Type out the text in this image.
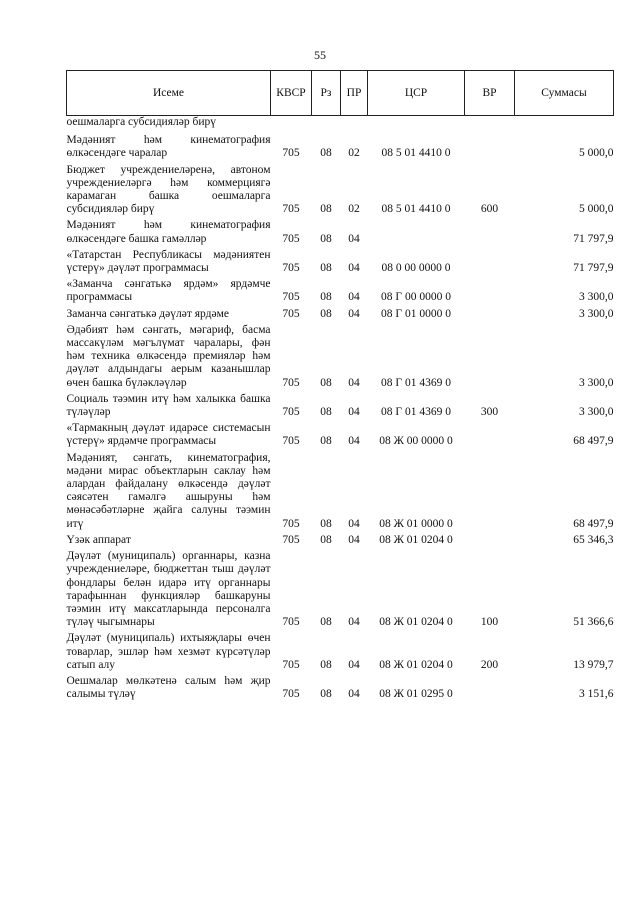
55
Исеме	КВСР	Рз	ПР	ЦСР	ВР	Суммасы
оешмаларга субсидияләр бирү						
Мәдәният һәм кинематография өлкәсендәге чаралар	705	08	02	08 5 01 4410 0		5 000,0
Бюджет учреждениеләренә, автоном учреждениеләргә һәм коммерциягә карамаган башка оешмаларга субсидияләр бирү	705	08	02	08 5 01 4410 0	600	5 000,0
Мәдәният һәм кинематография өлкәсендәге башка гамәлләр	705	08	04			71 797,9
«Татарстан Республикасы мәдәниятен үстерү» дәүләт программасы	705	08	04	08 0 00 0000 0		71 797,9
«Заманча сәнгатькә ярдәм» ярдәмче программасы	705	08	04	08 Г 00 0000 0		3 300,0
Заманча сәнгатькә дәүләт ярдәме	705	08	04	08 Г 01 0000 0		3 300,0
Әдәбият һәм сәнгать, мәгариф, басма массакүләм мәгълүмат чаралары, фән һәм техника өлкәсендә премияләр һәм дәүләт алдындагы аерым казанышлар өчен башка бүләкләүләр	705	08	04	08 Г 01 4369 0		3 300,0
Социаль тәэмин итү һәм халыкка башка түләүләр	705	08	04	08 Г 01 4369 0	300	3 300,0
«Тармакның дәүләт идарәсе системасын үстерү» ярдәмче программасы	705	08	04	08 Ж 00 0000 0		68 497,9
Мәдәният, сәнгать, кинематография, мәдәни мирас объектларын саклау һәм алардан файдалану өлкәсендә дәүләт сәясәтен гамәлгә ашыруны һәм мөнәсәбәтләрне җайга салуны тәэмин итү	705	08	04	08 Ж 01 0000 0		68 497,9
Үзәк аппарат	705	08	04	08 Ж 01 0204 0		65 346,3
Дәүләт (муниципаль) органнары, казна учреждениеләре, бюджеттан тыш дәүләт фондлары белән идарә итү органнары тарафыннан функцияләр башкаруны тәэмин итү максатларында персоналга түләү чыгымнары	705	08	04	08 Ж 01 0204 0	100	51 366,6
Дәүләт (муниципаль) ихтыяҗлары өчен товарлар, эшләр һәм хезмәт күрсәтүләр сатып алу	705	08	04	08 Ж 01 0204 0	200	13 979,7
Оешмалар мөлкәтенә салым һәм җир салымы түләү	705	08	04	08 Ж 01 0295 0		3 151,6
